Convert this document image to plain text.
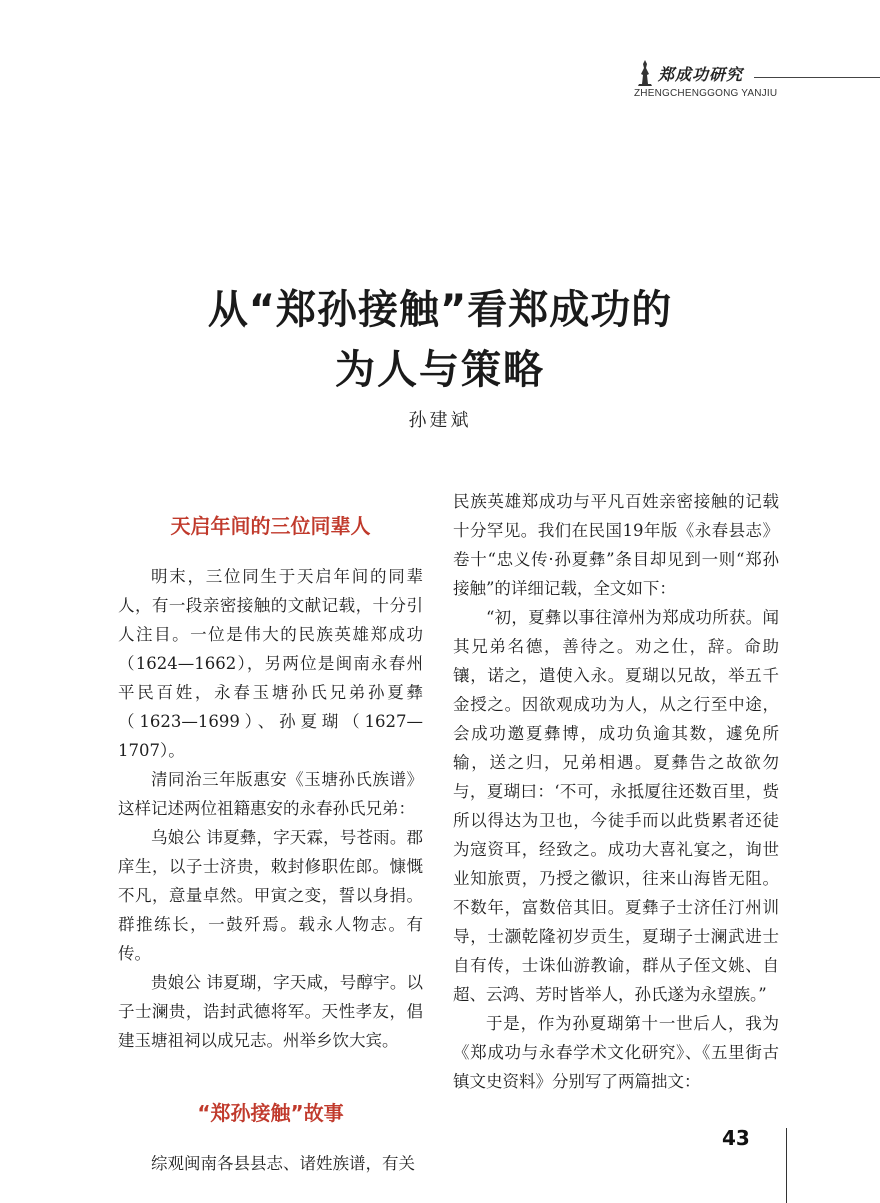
郑成功研究
ZHENGCHENGGONG YANJIU
从“郑孙接触”看郑成功的
为人与策略
孙建斌
天启年间的三位同辈人

明末，三位同生于天启年间的同辈人，有一段亲密接触的文献记载，十分引人注目。一位是伟大的民族英雄郑成功（1624—1662），另两位是闽南永春州平民百姓，永春玉塘孙氏兄弟孙夏彝（1623—1699）、孙夏瑚（1627—1707）。

清同治三年版惠安《玉塘孙氏族谱》这样记述两位祖籍惠安的永春孙氏兄弟：

乌娘公 讳夏彝，字天霖，号苍雨。郡庠生，以子士济贵，敕封修职佐郎。慷慨不凡，意量卓然。甲寅之变，誓以身捐。群推练长，一鼓歼焉。载永人物志。有传。

贵娘公 讳夏瑚，字天咸，号醇宇。以子士澜贵，诰封武德将军。天性孝友，倡建玉塘祖祠以成兄志。州举乡饮大宾。

“郑孙接触”故事

综观闽南各县县志、诸姓族谱，有关

民族英雄郑成功与平凡百姓亲密接触的记载十分罕见。我们在民国19年版《永春县志》卷十“忠义传·孙夏彝”条目却见到一则“郑孙接触”的详细记载，全文如下：

“初，夏彝以事往漳州为郑成功所获。闻其兄弟名德，善待之。劝之仕，辞。命助镶，诺之，遣使入永。夏瑚以兄故，举五千金授之。因欲观成功为人，从之行至中途，会成功邀夏彝博，成功负逾其数，遽免所输，送之归，兄弟相遇。夏彝告之故欲勿与，夏瑚曰：‘不可，永抵厦往还数百里，赀所以得达为卫也，今徒手而以此赀累者还徒为寇资耳，经致之。成功大喜礼宴之，询世业知旅贾，乃授之徽识，往来山海皆无阻。不数年，富数倍其旧。夏彝子士济任汀州训导，士灏乾隆初岁贡生，夏瑚子士澜武进士自有传，士诛仙游教谕，群从子侄文姚、自超、云鸿、芳时皆举人，孙氏遂为永望族。”

于是，作为孙夏瑚第十一世后人，我为《郑成功与永春学术文化研究》、《五里街古镇文史资料》分别写了两篇拙文：

43
